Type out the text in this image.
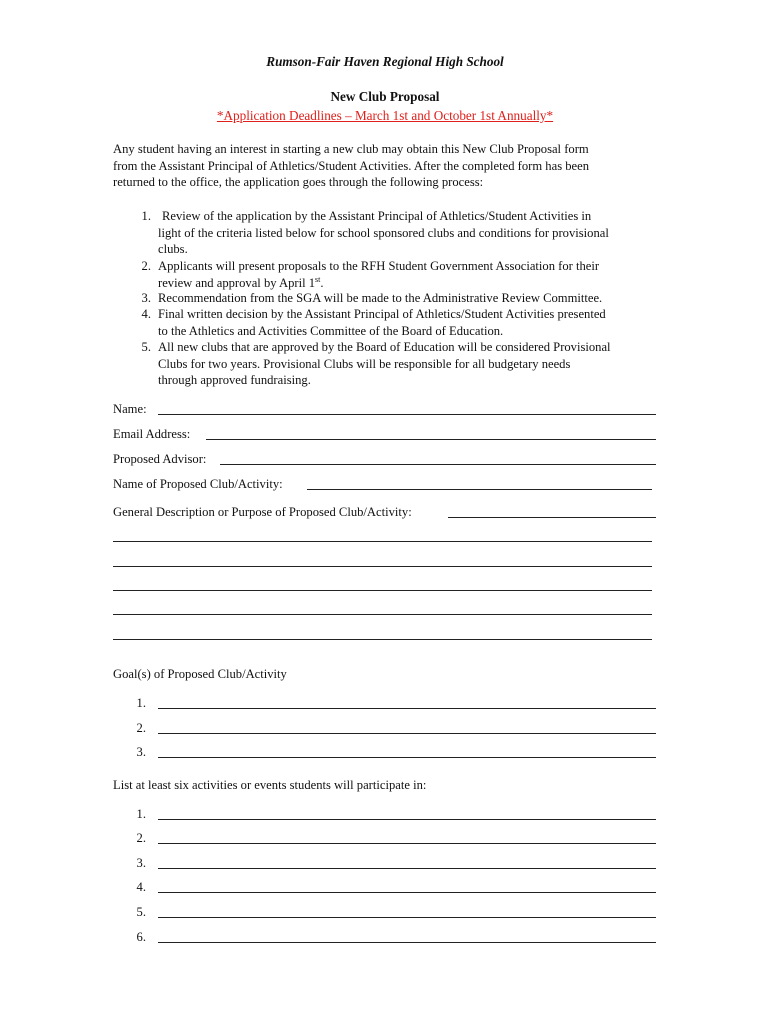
Rumson-Fair Haven Regional High School
New Club Proposal
*Application Deadlines – March 1st and October 1st Annually*
Any student having an interest in starting a new club may obtain this New Club Proposal form
from the Assistant Principal of Athletics/Student Activities. After the completed form has been
returned to the office, the application goes through the following process:
1. Review of the application by the Assistant Principal of Athletics/Student Activities in
light of the criteria listed below for school sponsored clubs and conditions for provisional
clubs.
2. Applicants will present proposals to the RFH Student Government Association for their
review and approval by April 1st.
3. Recommendation from the SGA will be made to the Administrative Review Committee.
4. Final written decision by the Assistant Principal of Athletics/Student Activities presented
to the Athletics and Activities Committee of the Board of Education.
5. All new clubs that are approved by the Board of Education will be considered Provisional
Clubs for two years. Provisional Clubs will be responsible for all budgetary needs
through approved fundraising.
Name:
Email Address:
Proposed Advisor:
Name of Proposed Club/Activity:
General Description or Purpose of Proposed Club/Activity:
Goal(s) of Proposed Club/Activity
1.
2.
3.
List at least six activities or events students will participate in:
1.
2.
3.
4.
5.
6.
